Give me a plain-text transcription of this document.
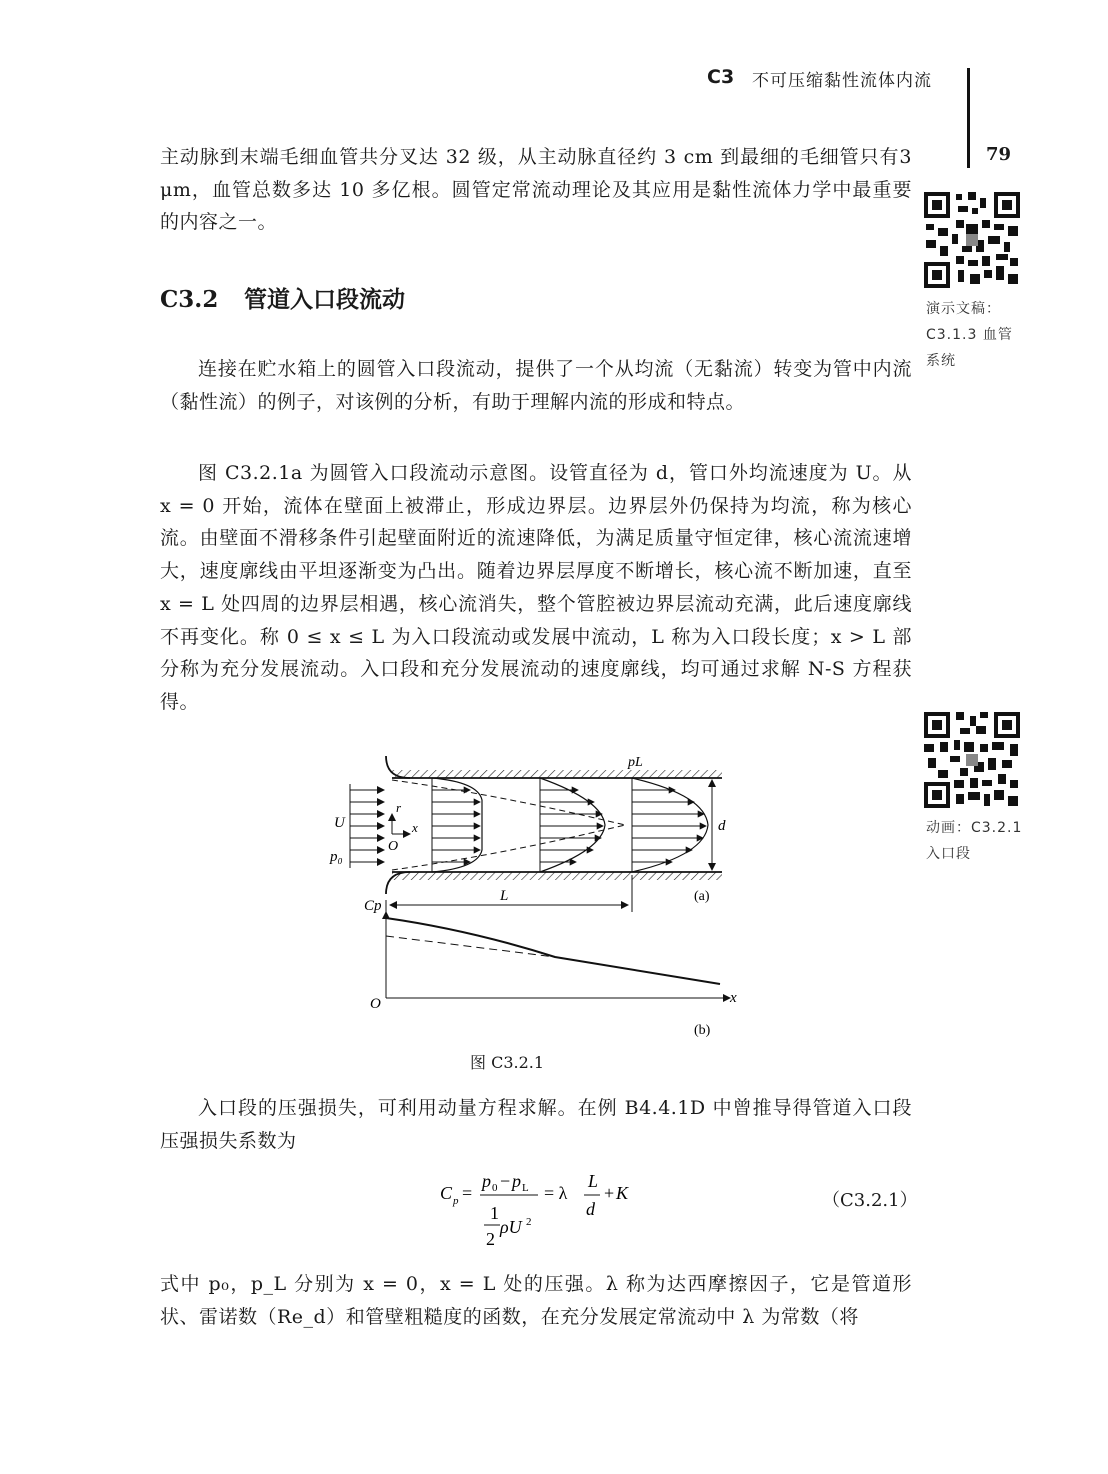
C3 不可压缩黏性流体内流
79

主动脉到末端毛细血管共分叉达 32 级，从主动脉直径约 3 cm 到最细的毛细管只有3 μm，血管总数多达 10 多亿根。圆管定常流动理论及其应用是黏性流体力学中最重要的内容之一。

C3.2 管道入口段流动

连接在贮水箱上的圆管入口段流动，提供了一个从均流（无黏流）转变为管中内流（黏性流）的例子，对该例的分析，有助于理解内流的形成和特点。

图 C3.2.1a 为圆管入口段流动示意图。设管直径为 d，管口外均流速度为 U。从 x = 0 开始，流体在壁面上被滞止，形成边界层。边界层外仍保持为均流，称为核心流。由壁面不滑移条件引起壁面附近的流速降低，为满足质量守恒定律，核心流流速增大，速度廓线由平坦逐渐变为凸出。随着边界层厚度不断增长，核心流不断加速，直至 x = L 处四周的边界层相遇，核心流消失，整个管腔被边界层流动充满，此后速度廓线不再变化。称 0 ≤ x ≤ L 为入口段流动或发展中流动，L 称为入口段长度；x > L 部分称为充分发展流动。入口段和充分发展流动的速度廓线，均可通过求解 N-S 方程获得。

演示文稿：
C3.1.3 血管
系统
动画：C3.2.1
入口段
U
p₀
r
x
O
pL
d
L	(a)
Cp
O	x
(b)
图 C3.2.1

入口段的压强损失，可利用动量方程求解。在例 B4.4.1D 中曾推导得管道入口段压强损失系数为

C p =
p 0 − p L
1
2
ρU 2
= λ
L
d
+ K	（C3.2.1）

式中 p₀，p_L 分别为 x = 0，x = L 处的压强。λ 称为达西摩擦因子，它是管道形状、雷诺数（Re_d）和管壁粗糙度的函数，在充分发展定常流动中 λ 为常数（将
